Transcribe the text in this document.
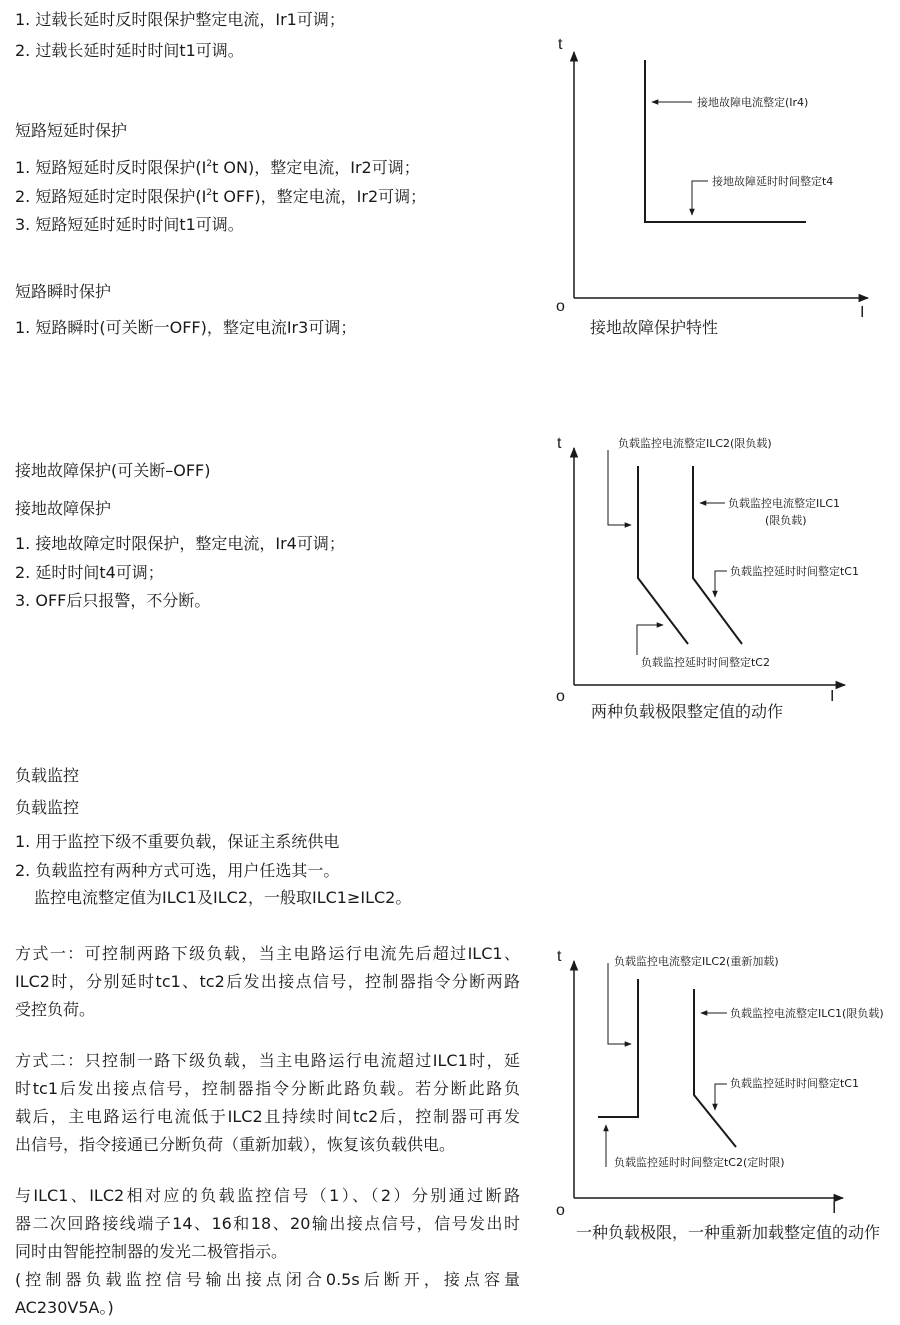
1. 过载长延时反时限保护整定电流，Ir1可调；
2. 过载长延时延时时间t1可调。
短路短延时保护
1. 短路短延时反时限保护($I^2t$ ON)，整定电流，Ir2可调；
2. 短路短延时定时限保护($I^2t$ OFF)，整定电流，Ir2可调；
3. 短路短延时延时时间t1可调。
短路瞬时保护
1. 短路瞬时(可关断一OFF)，整定电流Ir3可调；
接地故障保护(可关断–OFF)
接地故障保护
1. 接地故障定时限保护，整定电流，Ir4可调；
2. 延时时间t4可调；
3. OFF后只报警，不分断。
负载监控
负载监控
1. 用于监控下级不重要负载，保证主系统供电
2. 负载监控有两种方式可选，用户任选其一。
监控电流整定值为ILC1及ILC2，一般取ILC1≥ILC2。
方式一：可控制两路下级负载，当主电路运行电流先后超过ILC1、
ILC2时，分别延时tc1、tc2后发出接点信号，控制器指令分断两路
受控负荷。
方式二：只控制一路下级负载，当主电路运行电流超过ILC1时，延
时tc1后发出接点信号，控制器指令分断此路负载。若分断此路负
载后，主电路运行电流低于ILC2且持续时间tc2后，控制器可再发
出信号，指令接通已分断负荷（重新加载），恢复该负载供电。
与ILC1、ILC2相对应的负载监控信号（1）、（2）分别通过断路
器二次回路接线端子14、16和18、20输出接点信号，信号发出时
同时由智能控制器的发光二极管指示。
(控制器负载监控信号输出接点闭合0.5s后断开，接点容量
AC230V5A。)
t
o	I
接地故障电流整定(Ir4)
接地故障延时时间整定t4
接地故障保护特性
t
o	I
负载监控电流整定ILC2(限负载)
负载监控电流整定ILC1
(限负载)
负载监控延时时间整定tC1
负载监控延时时间整定tC2
两种负载极限整定值的动作
t
o	I
负载监控电流整定ILC2(重新加载)
负载监控电流整定ILC1(限负载)
负载监控延时时间整定tC1
负载监控延时时间整定tC2(定时限)
一种负载极限，一种重新加载整定值的动作
